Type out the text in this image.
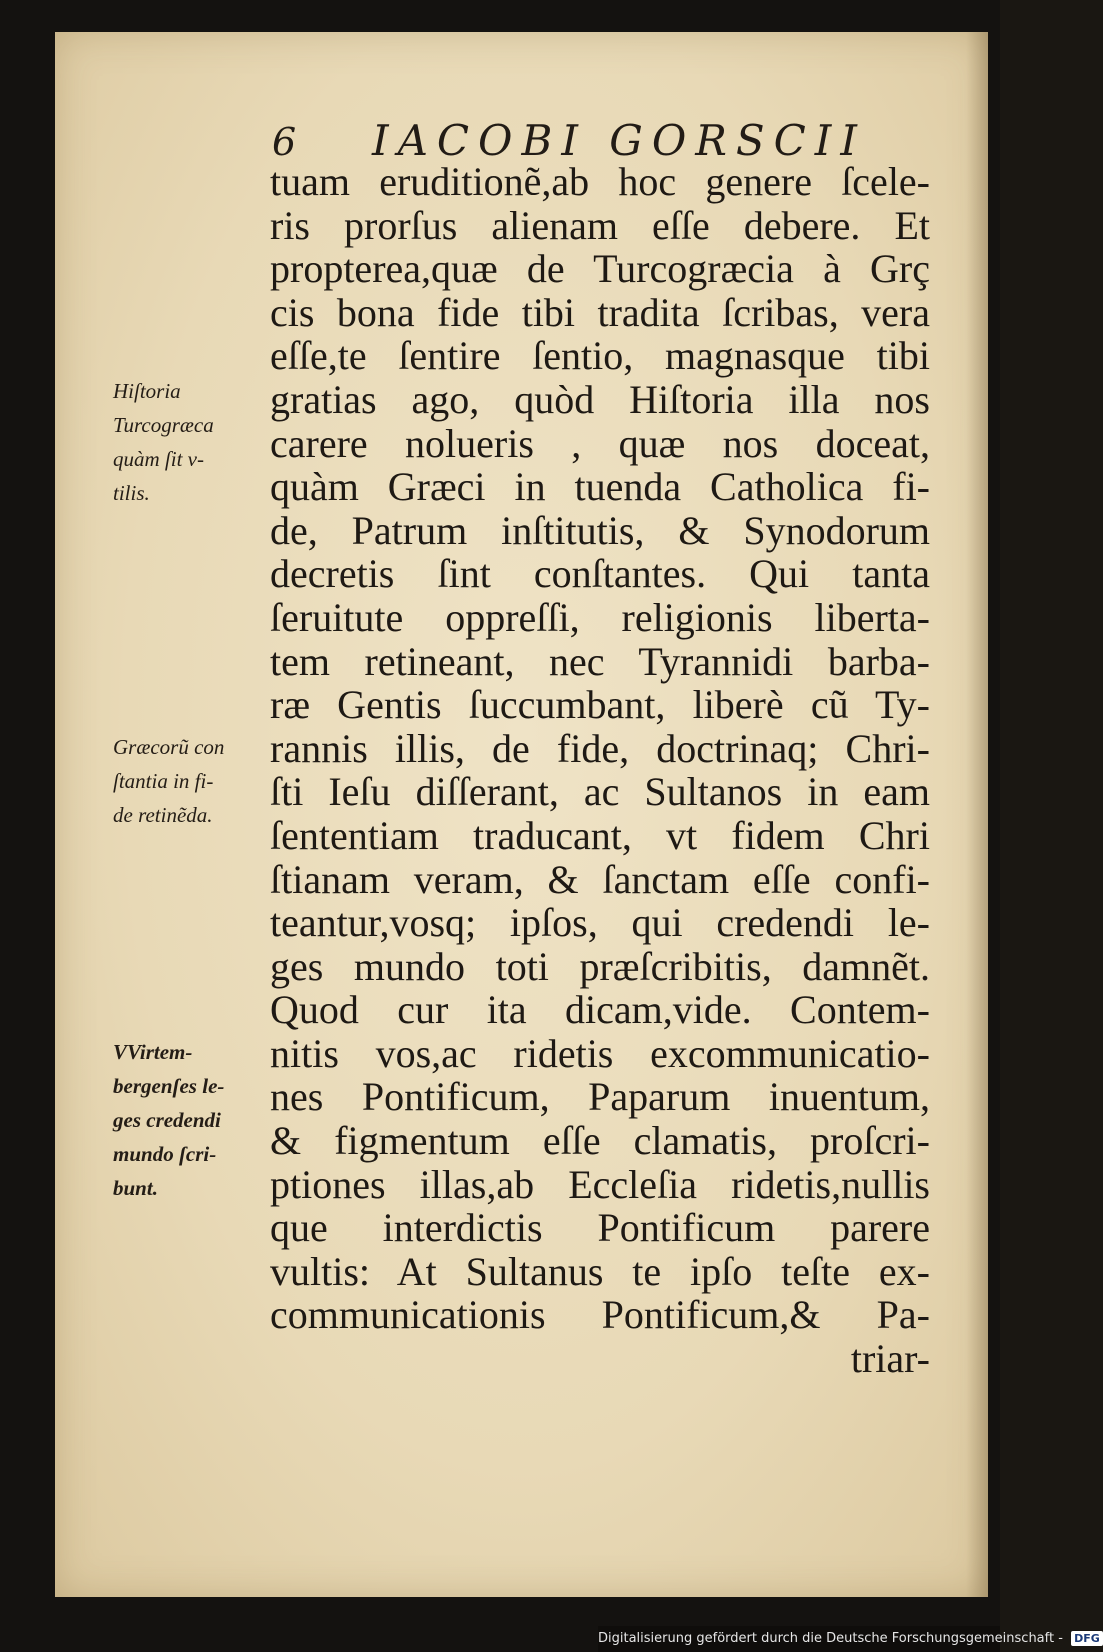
6 IACOBI GORSCII
tuam eruditionẽ,ab hoc genere ſcele-
ris prorſus alienam eſſe debere. Et
propterea,quæ de Turcogræcia à Grç
cis bona fide tibi tradita ſcribas, vera
eſſe,te ſentire ſentio, magnasque tibi
gratias ago, quòd Hiſtoria illa nos
carere nolueris , quæ nos doceat,
quàm Græci in tuenda Catholica fi-
de, Patrum inſtitutis, & Synodorum
decretis ſint conſtantes. Qui tanta
ſeruitute oppreſſi, religionis liberta-
tem retineant, nec Tyrannidi barba-
ræ Gentis ſuccumbant, liberè cũ Ty-
rannis illis, de fide, doctrinaq; Chri-
ſti Ieſu diſſerant, ac Sultanos in eam
ſententiam traducant, vt fidem Chri
ſtianam veram, & ſanctam eſſe confi-
teantur,vosq; ipſos, qui credendi le-
ges mundo toti præſcribitis, damnẽt.
Quod cur ita dicam,vide. Contem-
nitis vos,ac ridetis excommunicatio-
nes Pontificum, Paparum inuentum,
& figmentum eſſe clamatis, proſcri-
ptiones illas,ab Eccleſia ridetis,nullis
que interdictis Pontificum parere
vultis: At Sultanus te ipſo teſte ex-
communicationis Pontificum,& Pa-
triar-
Hiſtoria
Turcogræca
quàm ſit v-
tilis.
Græcorũ con
ſtantia in fi-
de retinẽda.
VVirtem-
bergenſes le-
ges credendi
mundo ſcri-
bunt.
Digitalisierung gefördert durch die Deutsche Forschungsgemeinschaft - DFG
